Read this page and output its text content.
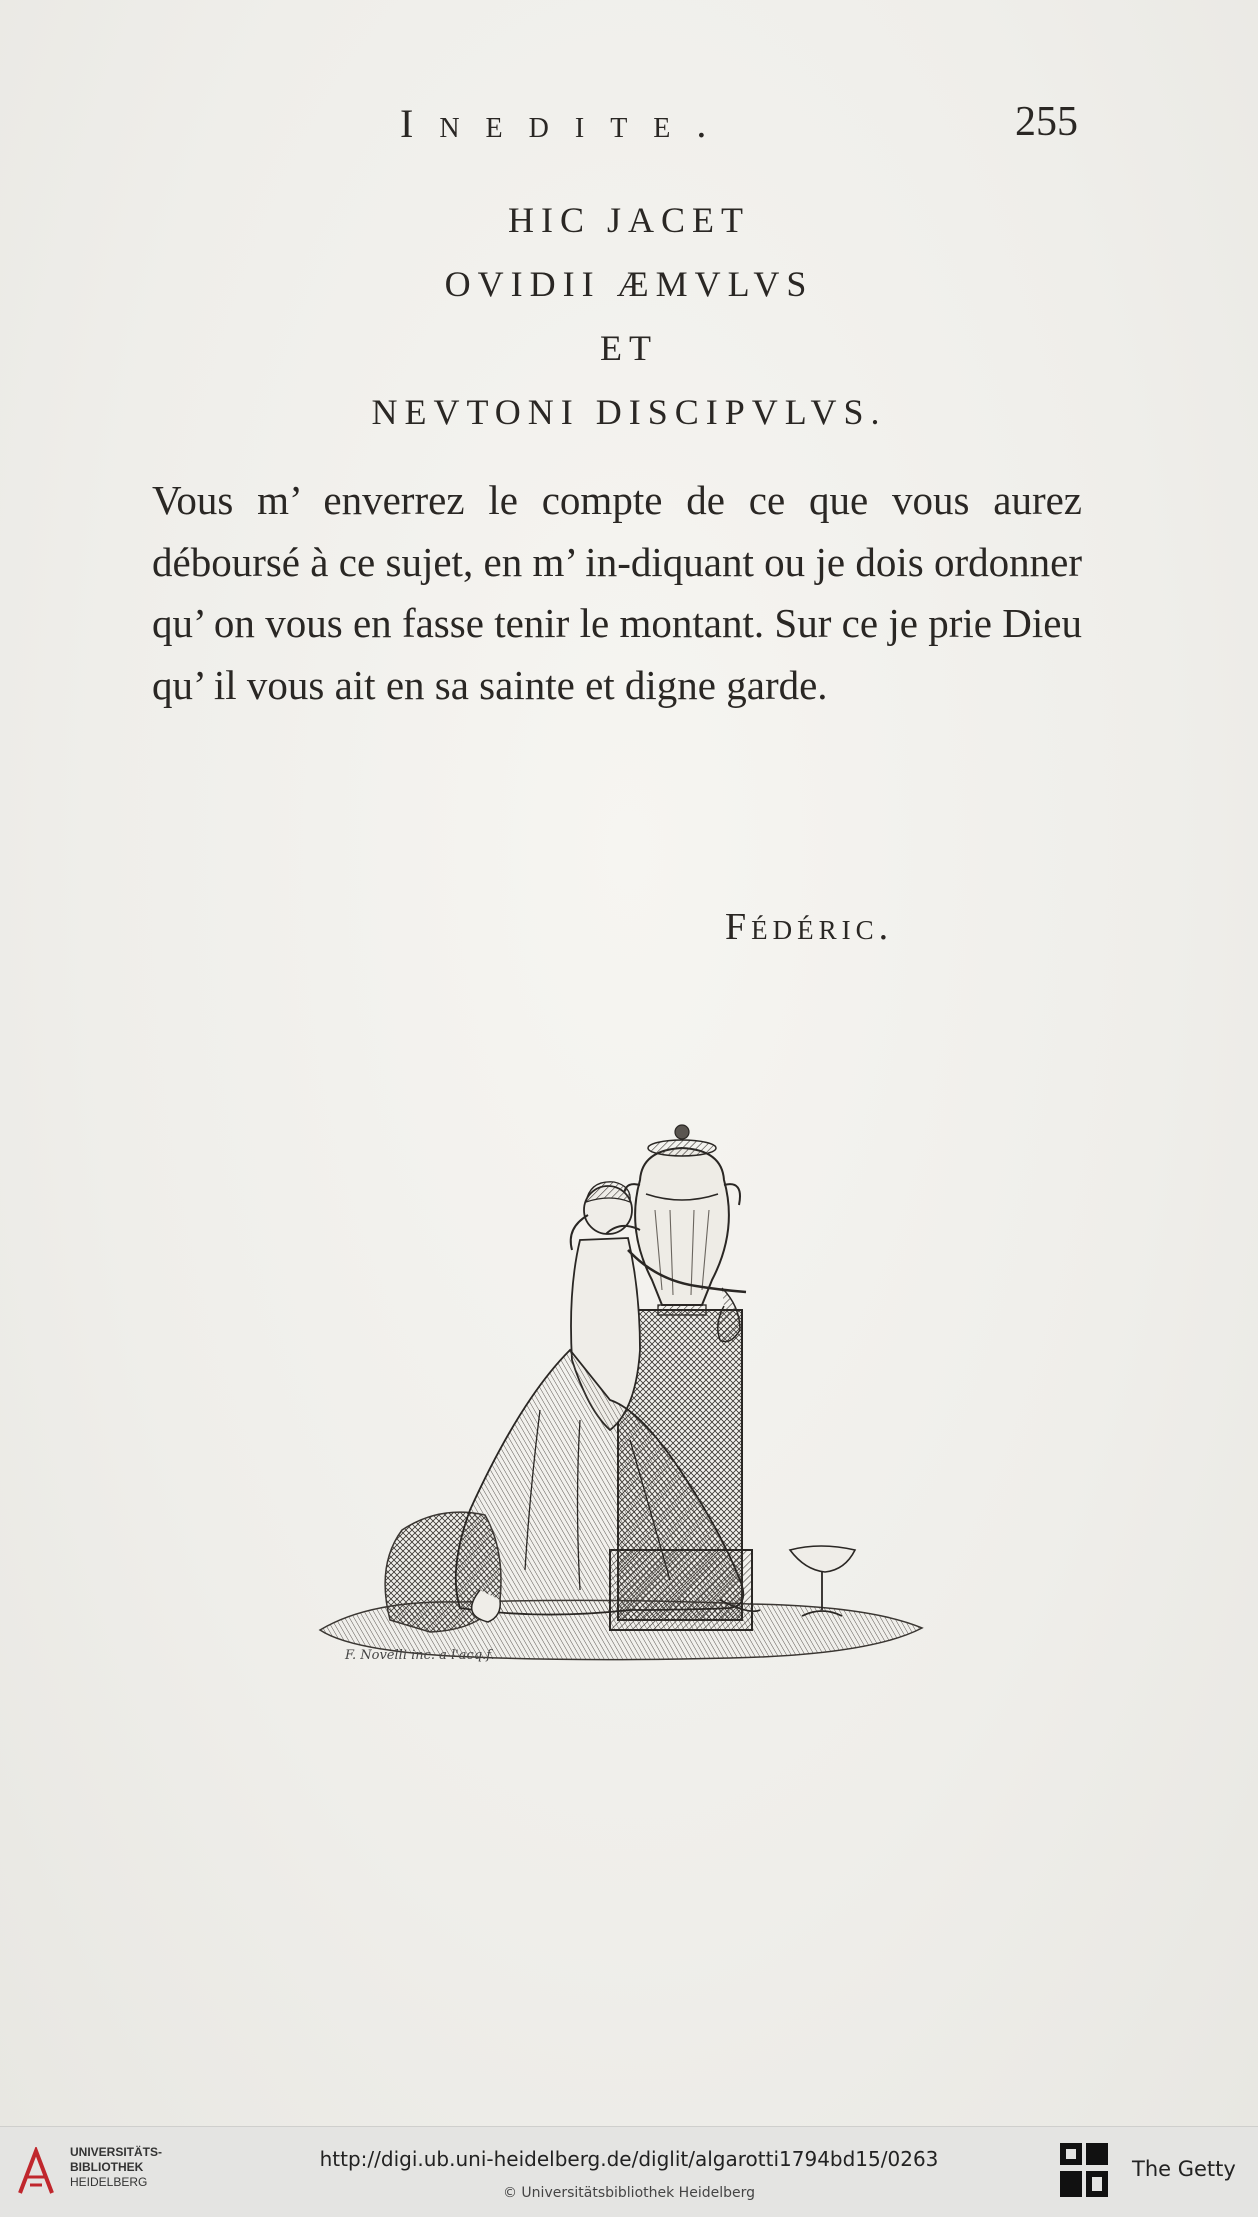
Inedite.	255
HIC JACET
OVIDII ÆMVLVS
ET
NEVTONI DISCIPVLVS.

Vous m’ enverrez le compte de ce que vous aurez déboursé à ce sujet, en m’ in-diquant ou je dois ordonner qu’ on vous en fasse tenir le montant. Sur ce je prie Dieu qu’ il vous ait en sa sainte et digne garde.

Fédéric.
F. Novelli inc. a l'acq.f.
UNIVERSITÄTS-
BIBLIOTHEK
HEIDELBERG
http://digi.ub.uni-heidelberg.de/diglit/algarotti1794bd15/0263
© Universitätsbibliothek Heidelberg
The Getty
